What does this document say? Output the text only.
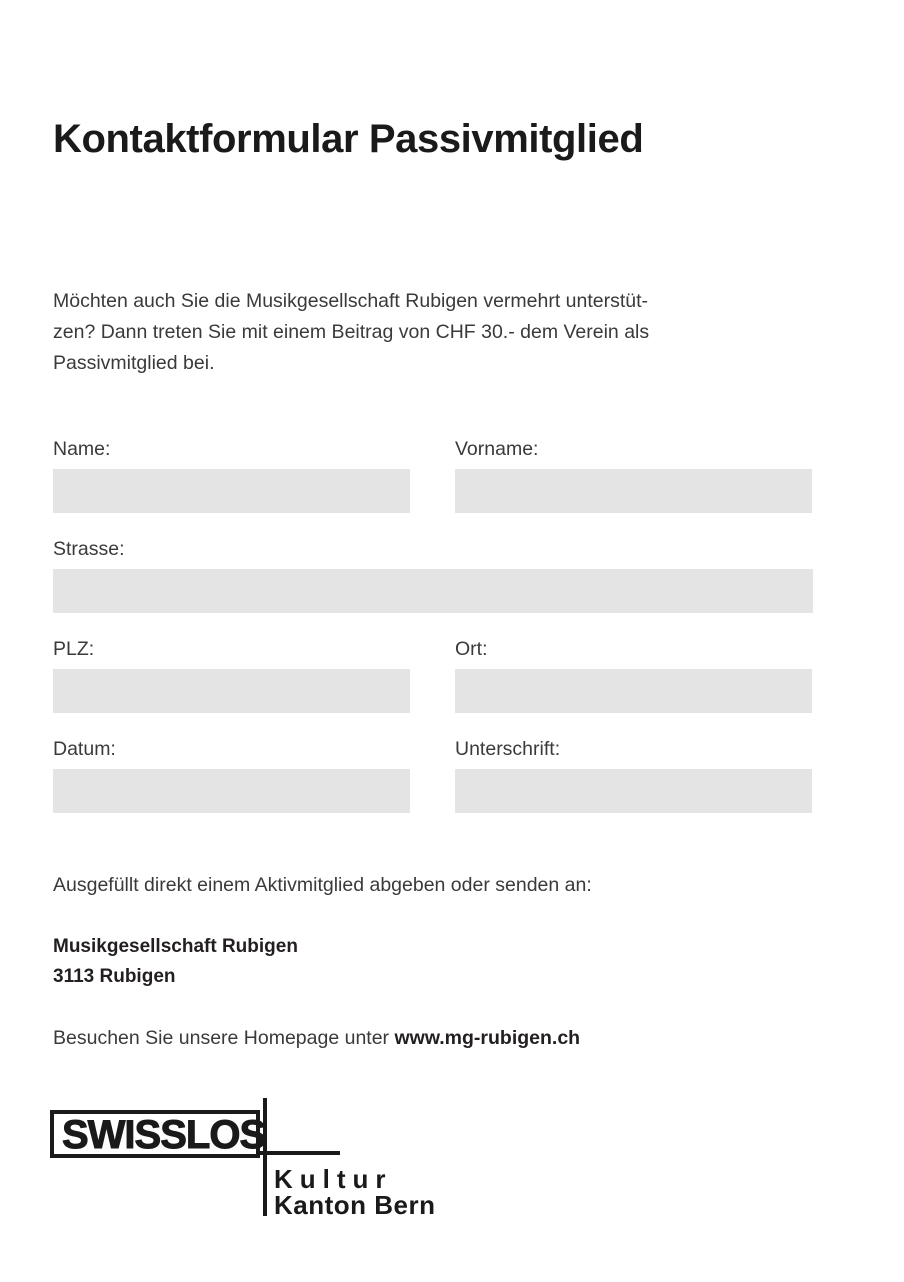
Kontaktformular Passivmitglied
Möchten auch Sie die Musikgesellschaft Rubigen vermehrt unterstüt-
zen? Dann treten Sie mit einem Beitrag von CHF 30.- dem Verein als
Passivmitglied bei.
Name:	Vorname:
Strasse:
PLZ:	Ort:
Datum:	Unterschrift:
Ausgefüllt direkt einem Aktivmitglied abgeben oder senden an:
Musikgesellschaft Rubigen
3113 Rubigen
Besuchen Sie unsere Homepage unter www.mg-rubigen.ch
SWISSLOS
Kultur
Kanton Bern
